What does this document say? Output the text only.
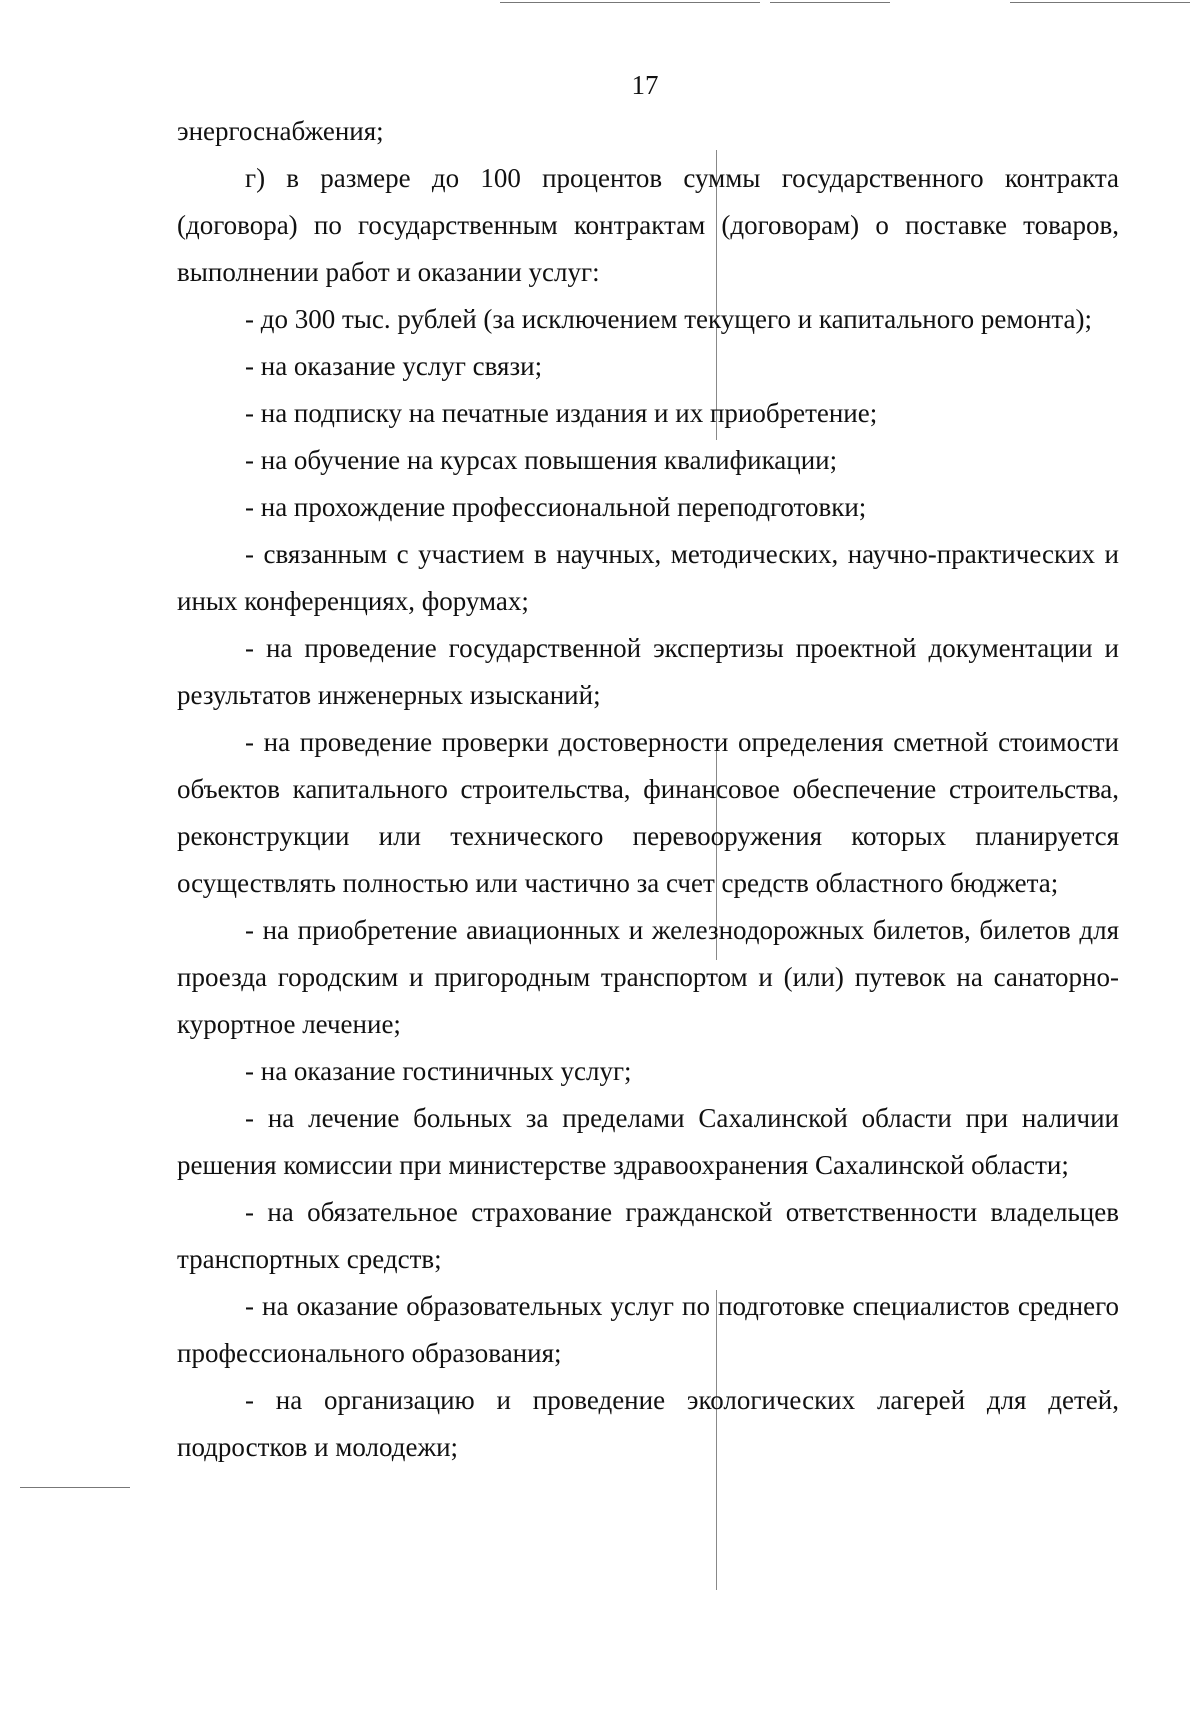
17

энергоснабжения;

г) в размере до 100 процентов суммы государственного контракта (договора) по государственным контрактам (договорам) о поставке товаров, выполнении работ и оказании услуг:

- до 300 тыс. рублей (за исключением текущего и капитального ремонта);

- на оказание услуг связи;

- на подписку на печатные издания и их приобретение;

- на обучение на курсах повышения квалификации;

- на прохождение профессиональной переподготовки;

- связанным с участием в научных, методических, научно-практических и иных конференциях, форумах;

- на проведение государственной экспертизы проектной документации и результатов инженерных изысканий;

- на проведение проверки достоверности определения сметной стоимости объектов капитального строительства, финансовое обеспечение строительства, реконструкции или технического перевооружения которых планируется осуществлять полностью или частично за счет средств областного бюджета;

- на приобретение авиационных и железнодорожных билетов, билетов для проезда городским и пригородным транспортом и (или) путевок на санаторно-курортное лечение;

- на оказание гостиничных услуг;

- на лечение больных за пределами Сахалинской области при наличии решения комиссии при министерстве здравоохранения Сахалинской области;

- на обязательное страхование гражданской ответственности владельцев транспортных средств;

- на оказание образовательных услуг по подготовке специалистов среднего профессионального образования;

- на организацию и проведение экологических лагерей для детей, подростков и молодежи;
